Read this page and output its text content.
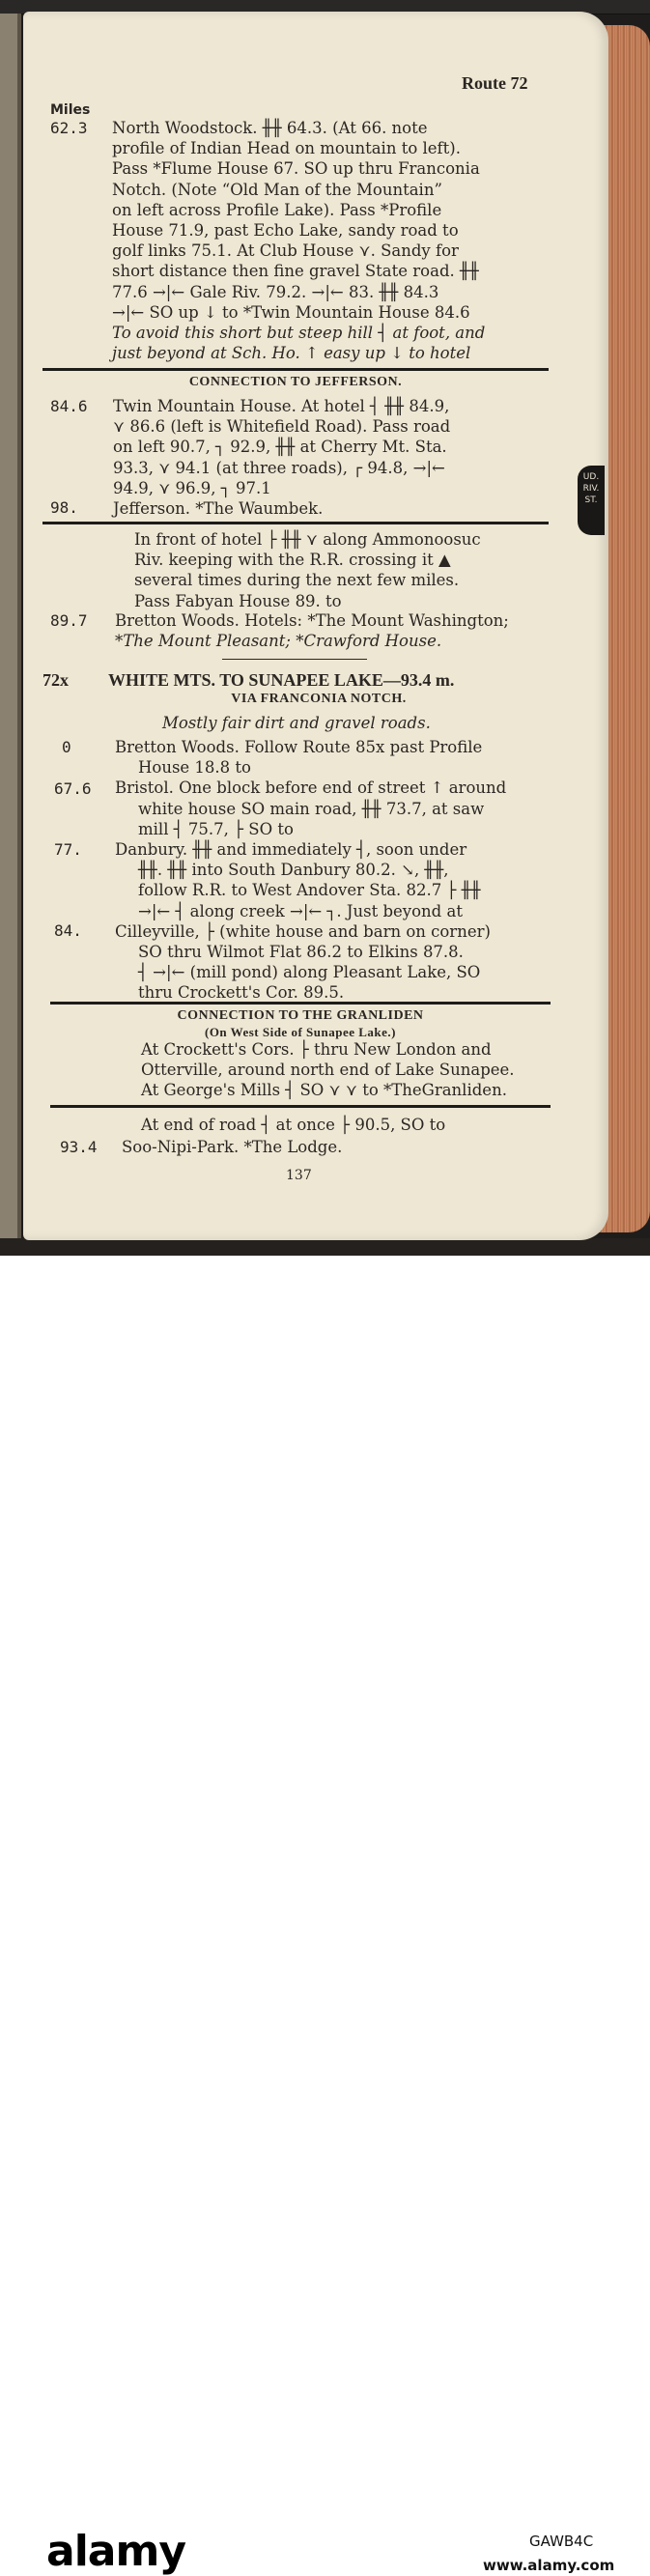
UD.
RIV.
ST.
Route 72
Miles
62.3 North Woodstock. ╫╫ 64.3. (At 66. note
profile of Indian Head on mountain to left).
Pass *Flume House 67. SO up thru Franconia
Notch. (Note “Old Man of the Mountain”
on left across Profile Lake). Pass *Profile
House 71.9, past Echo Lake, sandy road to
golf links 75.1. At Club House ⋎. Sandy for
short distance then fine gravel State road. ╫╫
77.6 →|← Gale Riv. 79.2. →|← 83. ╫╫ 84.3
→|← SO up ↓ to *Twin Mountain House 84.6
To avoid this short but steep hill ┤ at foot, and
just beyond at Sch. Ho. ↑ easy up ↓ to hotel
CONNECTION TO JEFFERSON.
84.6
98.
Twin Mountain House. At hotel ┤ ╫╫ 84.9,
⋎ 86.6 (left is Whitefield Road). Pass road
on left 90.7, ┐ 92.9, ╫╫ at Cherry Mt. Sta.
93.3, ⋎ 94.1 (at three roads), ┌ 94.8, →|←
94.9, ⋎ 96.9, ┐ 97.1
Jefferson. *The Waumbek.
89.7
In front of hotel ├ ╫╫ ⋎ along Ammonoosuc
Riv. keeping with the R.R. crossing it ▲
several times during the next few miles.
Pass Fabyan House 89. to
Bretton Woods. Hotels: *The Mount Washington;
*The Mount Pleasant; *Crawford House.
72x WHITE MTS. TO SUNAPEE LAKE—93.4 m.
VIA FRANCONIA NOTCH.
Mostly fair dirt and gravel roads.
0
67.6
77.
84.
Bretton Woods. Follow Route 85x past Profile
House 18.8 to
Bristol. One block before end of street ↑ around
white house SO main road, ╫╫ 73.7, at saw
mill ┤ 75.7, ├ SO to
Danbury. ╫╫ and immediately ┤, soon under
╫╫. ╫╫ into South Danbury 80.2. ↘, ╫╫,
follow R.R. to West Andover Sta. 82.7 ├ ╫╫
→|← ┤ along creek →|← ┐. Just beyond at
Cilleyville, ├ (white house and barn on corner)
SO thru Wilmot Flat 86.2 to Elkins 87.8.
┤ →|← (mill pond) along Pleasant Lake, SO
thru Crockett's Cor. 89.5.
CONNECTION TO THE GRANLIDEN
(On West Side of Sunapee Lake.)
At Crockett's Cors. ├ thru New London and
Otterville, around north end of Lake Sunapee.
At George's Mills ┤ SO ⋎ ⋎ to *TheGranliden.
93.4
At end of road ┤ at once ├ 90.5, SO to
Soo-Nipi-Park. *The Lodge.
137
alamy	GAWB4C
www.alamy.com
